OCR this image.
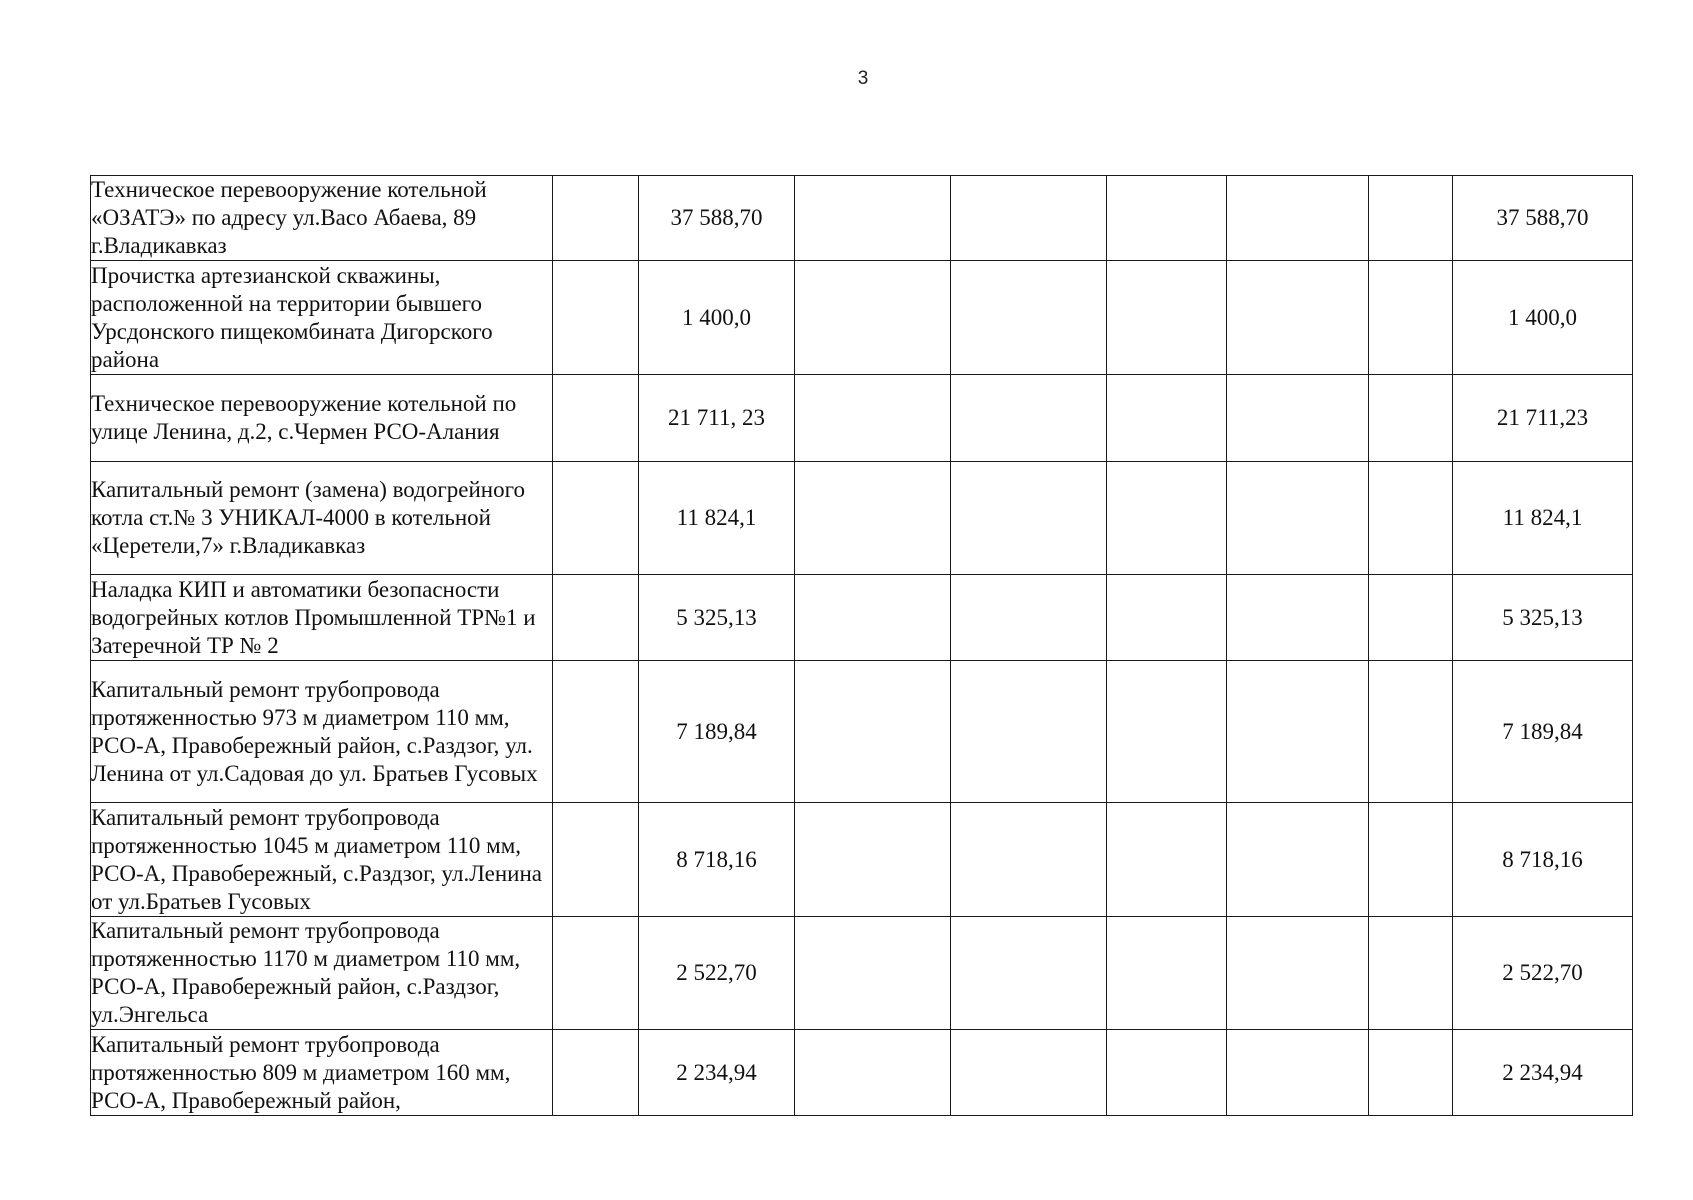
3
Техническое перевооружение котельной «ОЗАТЭ» по адресу ул.Васо Абаева, 89 г.Владикавказ		37 588,70						37 588,70
Прочистка артезианской скважины, расположенной на территории бывшего Урсдонского пищекомбината Дигорского района		1 400,0						1 400,0
Техническое перевооружение котельной по улице Ленина, д.2, с.Чермен РСО-Алания		21 711, 23						21 711,23
Капитальный ремонт (замена) водогрейного котла ст.№ 3 УНИКАЛ-4000 в котельной «Церетели,7» г.Владикавказ		11 824,1						11 824,1
Наладка КИП и автоматики безопасности водогрейных котлов Промышленной ТР№1 и Затеречной ТР № 2		5 325,13						5 325,13
Капитальный ремонт трубопровода протяженностью 973 м диаметром 110 мм, РСО-А, Правобережный район, с.Раздзог, ул. Ленина от ул.Садовая до ул. Братьев Гусовых		7 189,84						7 189,84
Капитальный ремонт трубопровода протяженностью 1045 м диаметром 110 мм, РСО-А, Правобережный, с.Раздзог, ул.Ленина от ул.Братьев Гусовых		8 718,16						8 718,16
Капитальный ремонт трубопровода протяженностью 1170 м диаметром 110 мм, РСО-А, Правобережный район, с.Раздзог, ул.Энгельса		2 522,70						2 522,70
Капитальный ремонт трубопровода протяженностью 809 м диаметром 160 мм, РСО-А, Правобережный район,		2 234,94						2 234,94
